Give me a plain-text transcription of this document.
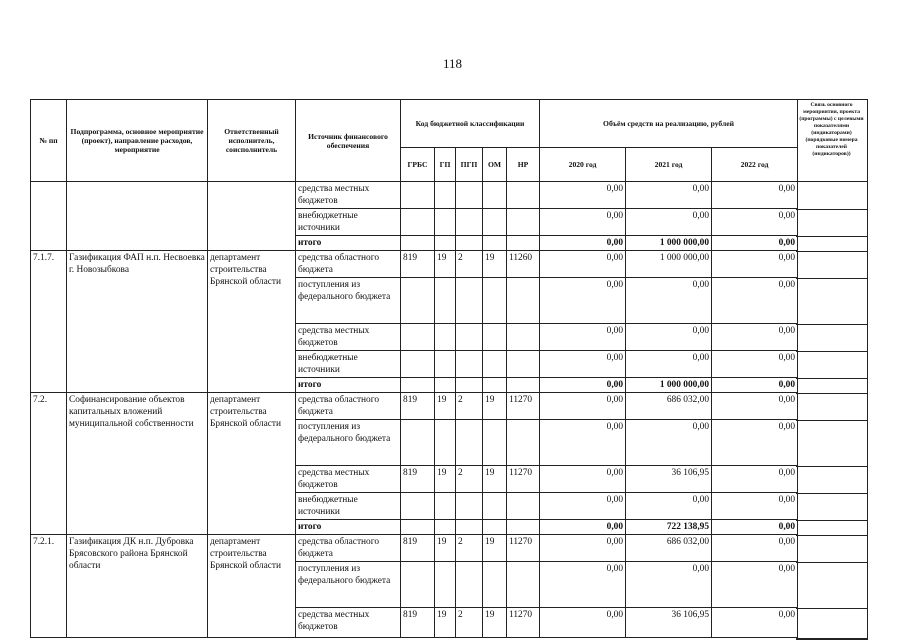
118
№ пп	Подпрограмма, основное мероприятие (проект), направление расходов, мероприятие	Ответственный исполнитель, соисполнитель	Источник финансового обеспечения	Код бюджетной классификации					Объём средств на реализацию, рублей		
				ГРБС	ГП	ПГП	ОМ	НР	2020 год	2021 год	2022 год
			средства местных бюджетов						0,00	0,00	0,00
			внебюджетные источники						0,00	0,00	0,00
			итого						0,00	1 000 000,00	0,00
7.1.7.	Газификация ФАП н.п. Несвоевка г. Новозыбкова	департамент строительства Брянской области	средства областного бюджета	819	19	2	19	11260	0,00	1 000 000,00	0,00
			поступления из федерального бюджета						0,00	0,00	0,00
			средства местных бюджетов						0,00	0,00	0,00
			внебюджетные источники						0,00	0,00	0,00
			итого						0,00	1 000 000,00	0,00
7.2.	Софинансирование объектов капитальных вложений муниципальной собственности	департамент строительства Брянской области	средства областного бюджета	819	19	2	19	11270	0,00	686 032,00	0,00
			поступления из федерального бюджета						0,00	0,00	0,00
			средства местных бюджетов	819	19	2	19	11270	0,00	36 106,95	0,00
			внебюджетные источники						0,00	0,00	0,00
			итого						0,00	722 138,95	0,00
7.2.1.	Газификация ДК н.п. Дубровка Брясовского района Брянской области	департамент строительства Брянской области	средства областного бюджета	819	19	2	19	11270	0,00	686 032,00	0,00
			поступления из федерального бюджета						0,00	0,00	0,00
			средства местных бюджетов	819	19	2	19	11270	0,00	36 106,95	0,00
Связь основного мероприятия, проекта (программы) с целевыми показателями (индикаторами) (порядковые номера показателей (индикаторов))
